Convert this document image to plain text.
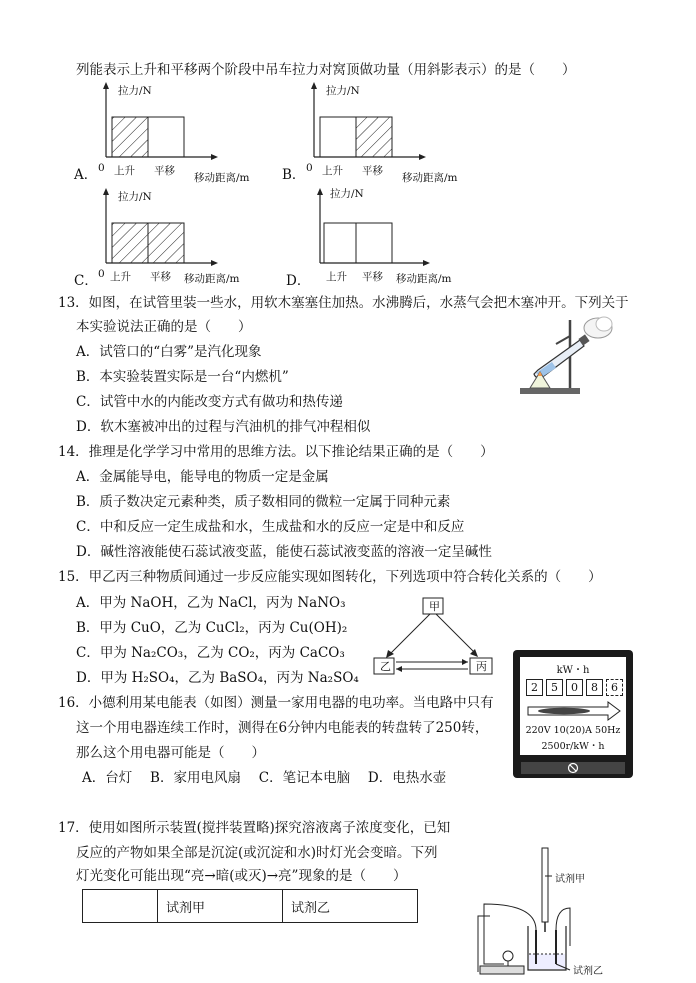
列能表示上升和平移两个阶段中吊车拉力对窝顶做功量（用斜影表示）的是（　　）
A．
拉力/N
0 上升 平移
移动距离/m B．
拉力/N
0 上升 平移
移动距离/m
C．
拉力/N
0 上升 平移 移动距离/m	D．
拉力/N
上升 平移 移动距离/m
13．如图，在试管里装一些水，用软木塞塞住加热。水沸腾后，水蒸气会把木塞冲开。下列关于
本实验说法正确的是（　　）
A．试管口的“白雾”是汽化现象
B．本实验装置实际是一台“内燃机”
C．试管中水的内能改变方式有做功和热传递
D．软木塞被冲出的过程与汽油机的排气冲程相似
14．推理是化学学习中常用的思维方法。以下推论结果正确的是（　　）
A．金属能导电，能导电的物质一定是金属
B．质子数决定元素种类，质子数相同的微粒一定属于同种元素
C．中和反应一定生成盐和水，生成盐和水的反应一定是中和反应
D．碱性溶液能使石蕊试液变蓝，能使石蕊试液变蓝的溶液一定呈碱性
15．甲乙丙三种物质间通过一步反应能实现如图转化，下列选项中符合转化关系的（　　）
A．甲为 NaOH，乙为 NaCl，丙为 NaNO₃
B．甲为 CuO，乙为 CuCl₂，丙为 Cu(OH)₂
C．甲为 Na₂CO₃，乙为 CO₂，丙为 CaCO₃
D．甲为 H₂SO₄，乙为 BaSO₄，丙为 Na₂SO₄
甲
乙	丙
16．小德利用某电能表（如图）测量一家用电器的电功率。当电路中只有
这一个用电器连续工作时，测得在6分钟内电能表的转盘转了250转，
那么这个用电器可能是（　　）
A．台灯　 B．家用电风扇　 C．笔记本电脑　 D．电热水壶
kW・h
2	5	0	8	6
220V 10(20)A 50Hz
2500r/kW・h
17．使用如图所示装置(搅拌装置略)探究溶液离子浓度变化，已知
反应的产物如果全部是沉淀(或沉淀和水)时灯光会变暗。下列
灯光变化可能出现“亮→暗(或灭)→亮”现象的是（　　）
	试剂甲	试剂乙
试剂甲
试剂乙
